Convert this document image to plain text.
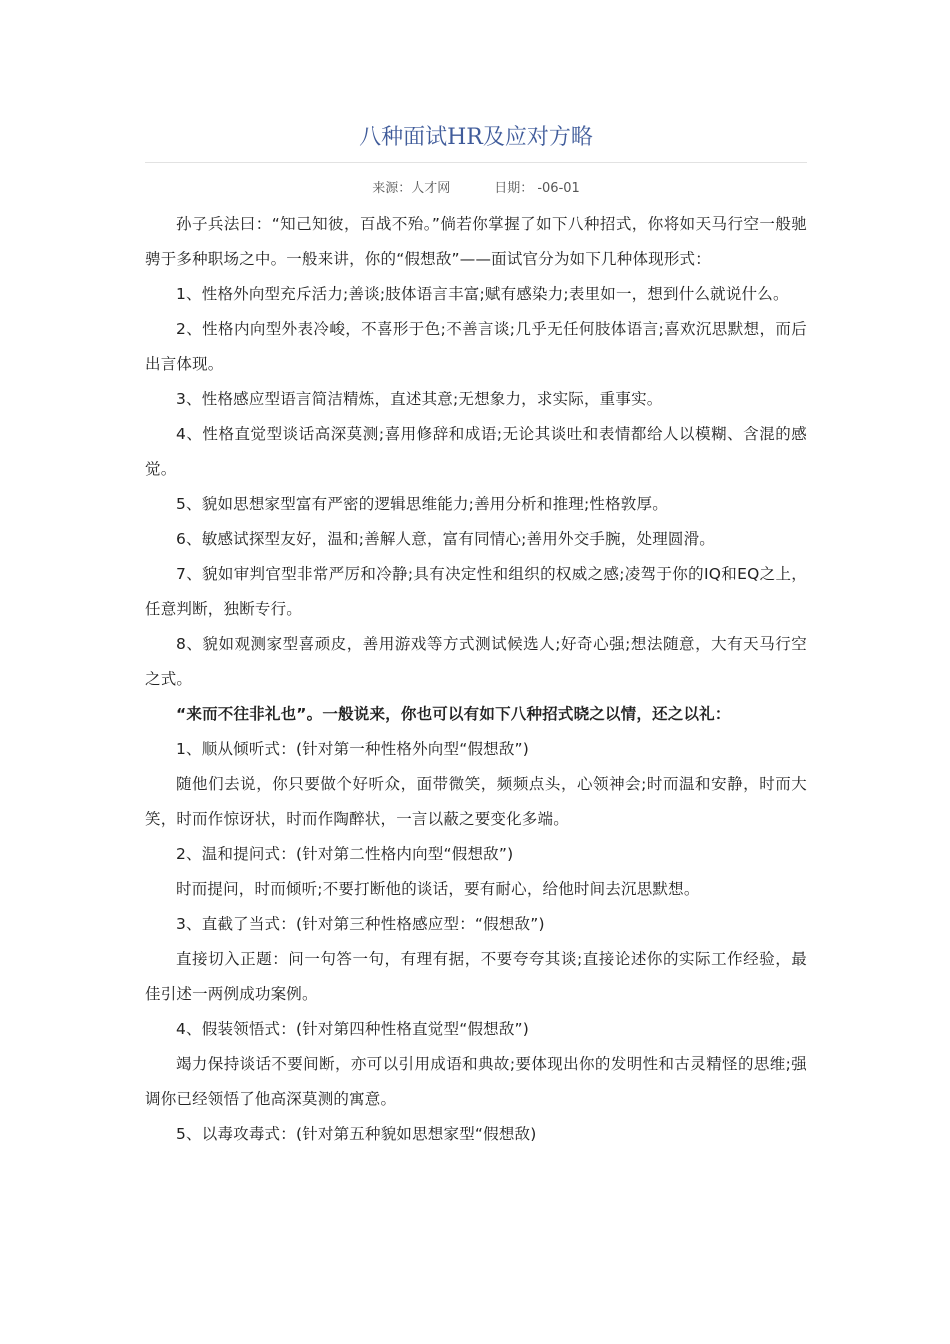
八种面试HR及应对方略
来源：人才网	日期： -06-01

孙子兵法曰：“知己知彼，百战不殆。”倘若你掌握了如下八种招式，你将如天马行空一般驰骋于多种职场之中。一般来讲，你的“假想敌”——面试官分为如下几种体现形式：

1、性格外向型充斥活力;善谈;肢体语言丰富;赋有感染力;表里如一，想到什么就说什么。

2、性格内向型外表冷峻，不喜形于色;不善言谈;几乎无任何肢体语言;喜欢沉思默想，而后出言体现。

3、性格感应型语言简洁精炼，直述其意;无想象力，求实际，重事实。

4、性格直觉型谈话高深莫测;喜用修辞和成语;无论其谈吐和表情都给人以模糊、含混的感觉。

5、貌如思想家型富有严密的逻辑思维能力;善用分析和推理;性格敦厚。

6、敏感试探型友好，温和;善解人意，富有同情心;善用外交手腕，处理圆滑。

7、貌如审判官型非常严厉和冷静;具有决定性和组织的权威之感;凌驾于你的IQ和EQ之上，任意判断，独断专行。

8、貌如观测家型喜顽皮，善用游戏等方式测试候选人;好奇心强;想法随意，大有天马行空之式。

“来而不往非礼也”。一般说来，你也可以有如下八种招式晓之以情，还之以礼：

1、顺从倾听式：(针对第一种性格外向型“假想敌”)

随他们去说，你只要做个好听众，面带微笑，频频点头，心领神会;时而温和安静，时而大笑，时而作惊讶状，时而作陶醉状，一言以蔽之要变化多端。

2、温和提问式：(针对第二性格内向型“假想敌”)

时而提问，时而倾听;不要打断他的谈话，要有耐心，给他时间去沉思默想。

3、直截了当式：(针对第三种性格感应型：“假想敌”)

直接切入正题：问一句答一句，有理有据，不要夸夸其谈;直接论述你的实际工作经验，最佳引述一两例成功案例。

4、假装领悟式：(针对第四种性格直觉型“假想敌”)

竭力保持谈话不要间断，亦可以引用成语和典故;要体现出你的发明性和古灵精怪的思维;强调你已经领悟了他高深莫测的寓意。

5、以毒攻毒式：(针对第五种貌如思想家型“假想敌)
